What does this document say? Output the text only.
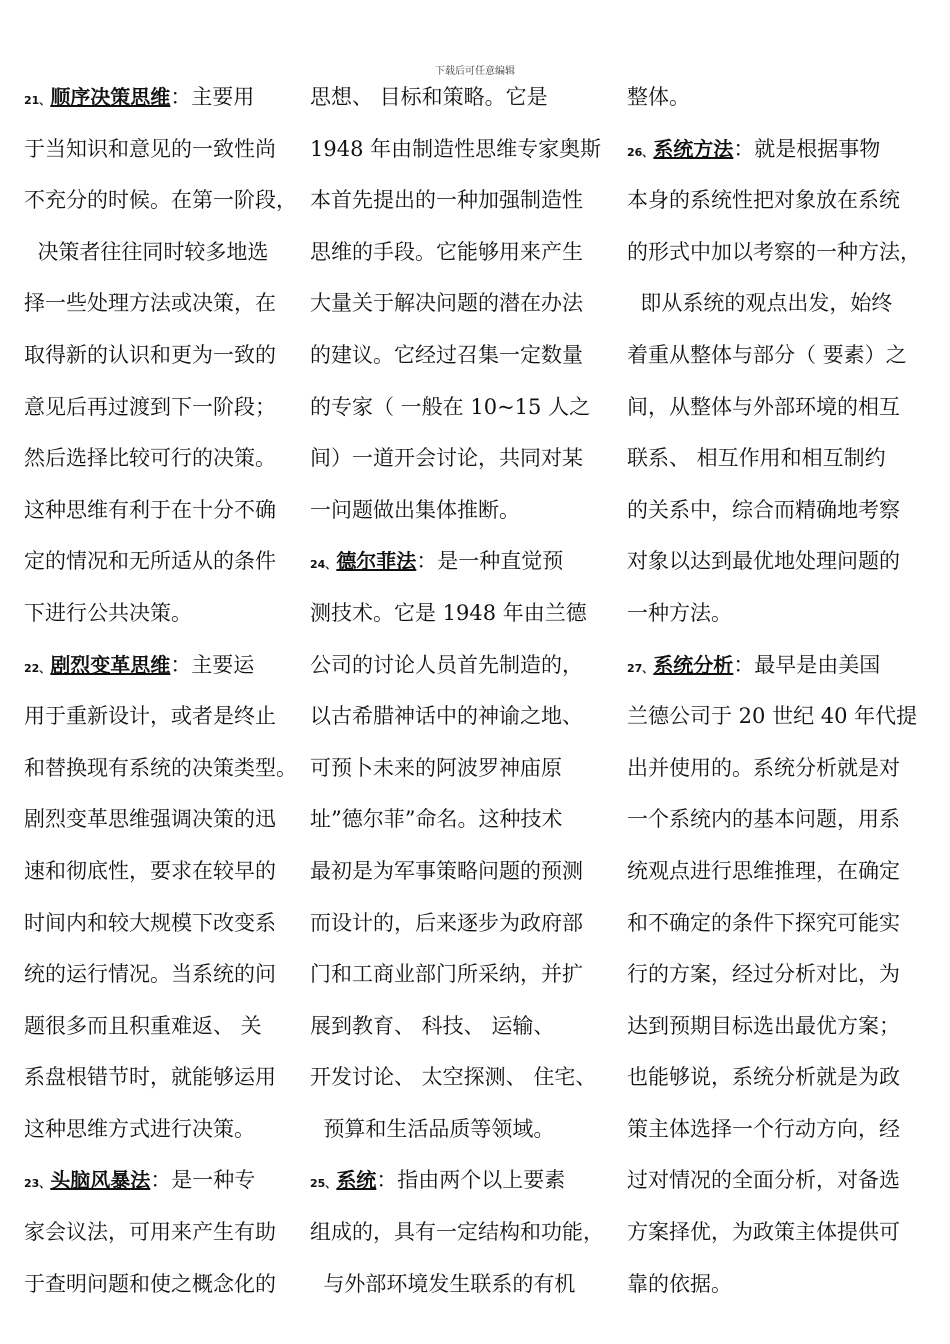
下载后可任意编辑
21、顺序决策思维：主要用
于当知识和意见的一致性尚
不充分的时候。在第一阶段，
决策者往往同时较多地选
择一些处理方法或决策，在
取得新的认识和更为一致的
意见后再过渡到下一阶段；
然后选择比较可行的决策。
这种思维有利于在十分不确
定的情况和无所适从的条件
下进行公共决策。
22、剧烈变革思维：主要运
用于重新设计，或者是终止
和替换现有系统的决策类型。
剧烈变革思维强调决策的迅
速和彻底性，要求在较早的
时间内和较大规模下改变系
统的运行情况。当系统的问
题很多而且积重难返、 关
系盘根错节时，就能够运用
这种思维方式进行决策。
23、头脑风暴法：是一种专
家会议法，可用来产生有助
于查明问题和使之概念化的
思想、 目标和策略。它是
1948 年由制造性思维专家奥斯
本首先提出的一种加强制造性
思维的手段。它能够用来产生
大量关于解决问题的潜在办法
的建议。它经过召集一定数量
的专家（ 一般在 10~15 人之
间）一道开会讨论，共同对某
一问题做出集体推断。
24、德尔菲法：是一种直觉预
测技术。它是 1948 年由兰德
公司的讨论人员首先制造的，
以古希腊神话中的神谕之地、
可预卜未来的阿波罗神庙原
址”德尔菲”命名。这种技术
最初是为军事策略问题的预测
而设计的，后来逐步为政府部
门和工商业部门所采纳，并扩
展到教育、 科技、 运输、
开发讨论、 太空探测、 住宅、
预算和生活品质等领域。
25、系统：指由两个以上要素
组成的，具有一定结构和功能，
与外部环境发生联系的有机
整体。
26、系统方法：就是根据事物
本身的系统性把对象放在系统
的形式中加以考察的一种方法，
即从系统的观点出发，始终
着重从整体与部分（ 要素）之
间，从整体与外部环境的相互
联系、 相互作用和相互制约
的关系中，综合而精确地考察
对象以达到最优地处理问题的
一种方法。
27、系统分析：最早是由美国
兰德公司于 20 世纪 40 年代提
出并使用的。系统分析就是对
一个系统内的基本问题，用系
统观点进行思维推理，在确定
和不确定的条件下探究可能实
行的方案，经过分析对比，为
达到预期目标选出最优方案；
也能够说，系统分析就是为政
策主体选择一个行动方向，经
过对情况的全面分析，对备选
方案择优，为政策主体提供可
靠的依据。
